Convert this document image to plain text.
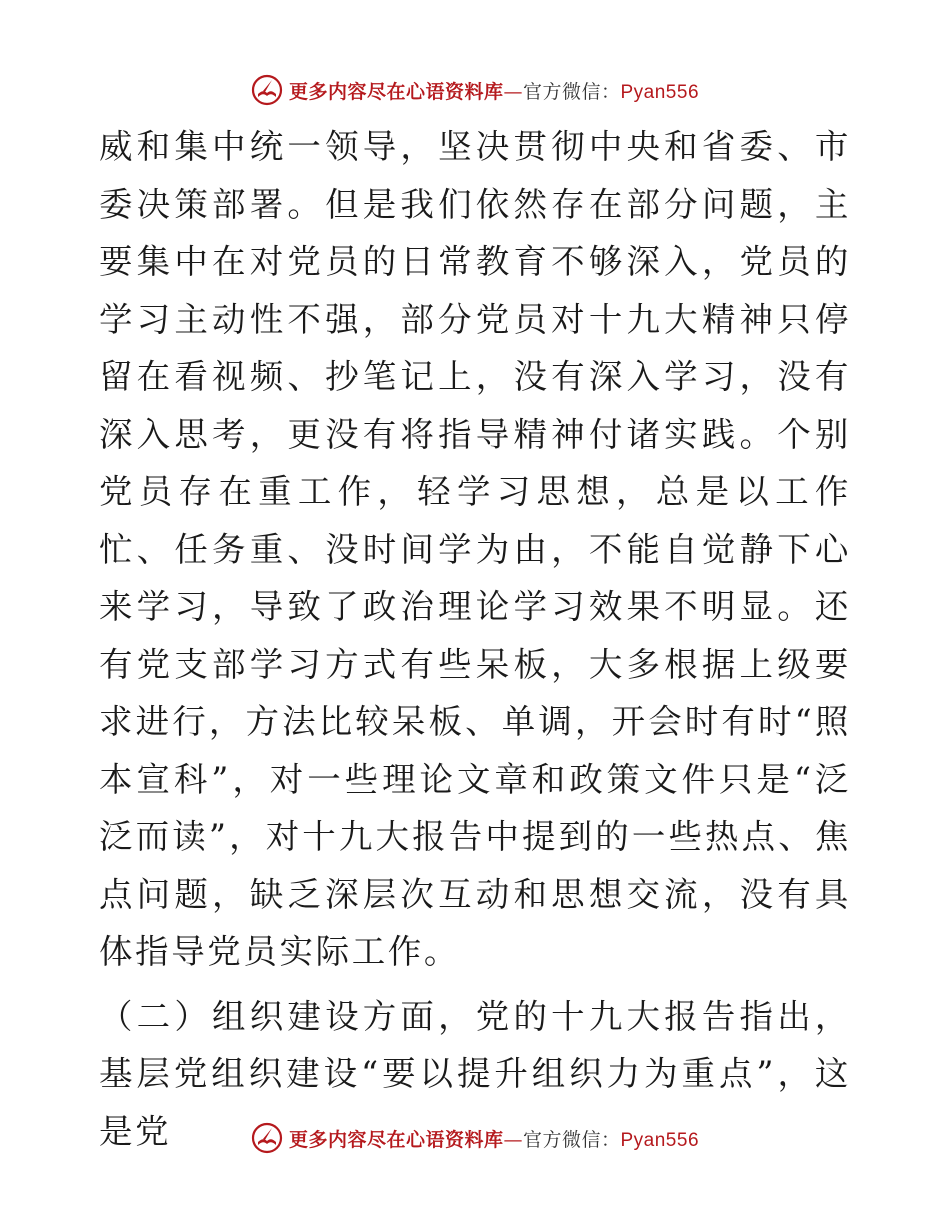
更多内容尽在心语资料库—官方微信：Pyan556

威和集中统一领导，坚决贯彻中央和省委、市委决策部署。但是我们依然存在部分问题，主要集中在对党员的日常教育不够深入，党员的学习主动性不强，部分党员对十九大精神只停留在看视频、抄笔记上，没有深入学习，没有深入思考，更没有将指导精神付诸实践。个别党员存在重工作，轻学习思想，总是以工作忙、任务重、没时间学为由，不能自觉静下心来学习，导致了政治理论学习效果不明显。还有党支部学习方式有些呆板，大多根据上级要求进行，方法比较呆板、单调，开会时有时“照本宣科”，对一些理论文章和政策文件只是“泛泛而读”，对十九大报告中提到的一些热点、焦点问题，缺乏深层次互动和思想交流，没有具体指导党员实际工作。

（二）组织建设方面，党的十九大报告指出，基层党组织建设“要以提升组织力为重点”，这是党	更多内容尽在心语资料库—官方微信：Pyan556
